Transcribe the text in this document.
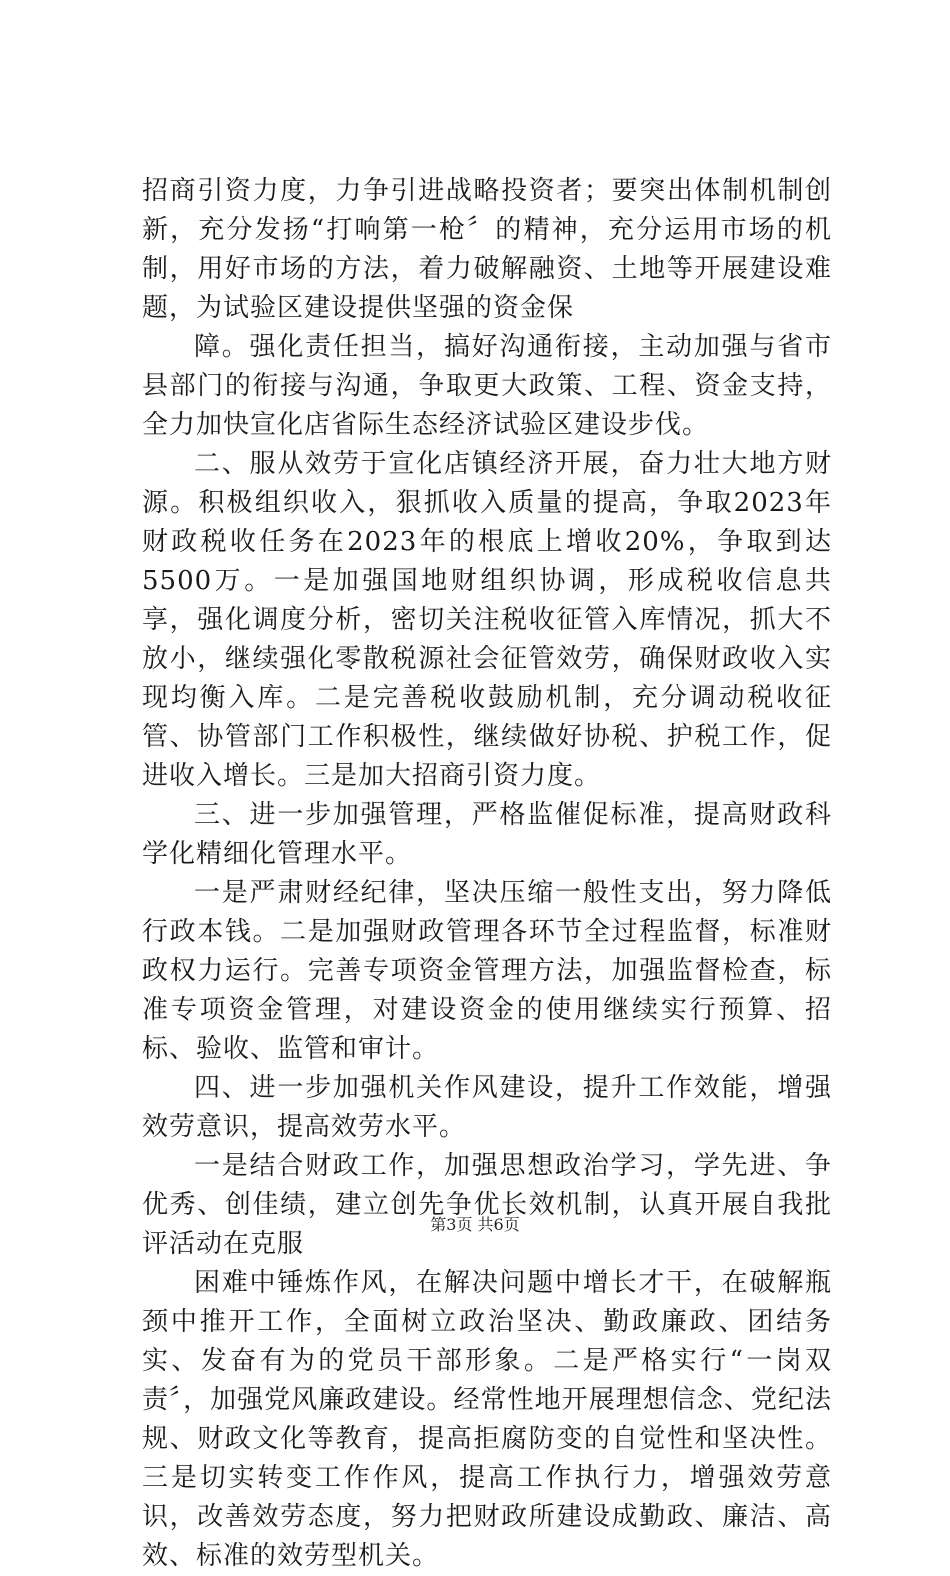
招商引资力度，力争引进战略投资者；要突出体制机制创新，充分发扬“打响第一枪〞的精神，充分运用市场的机制，用好市场的方法，着力破解融资、土地等开展建设难题，为试验区建设提供坚强的资金保

障。强化责任担当，搞好沟通衔接，主动加强与省市县部门的衔接与沟通，争取更大政策、工程、资金支持，全力加快宣化店省际生态经济试验区建设步伐。

二、服从效劳于宣化店镇经济开展，奋力壮大地方财源。积极组织收入，狠抓收入质量的提高，争取2023年财政税收任务在2023年的根底上增收20%，争取到达5500万。一是加强国地财组织协调，形成税收信息共享，强化调度分析，密切关注税收征管入库情况，抓大不放小，继续强化零散税源社会征管效劳，确保财政收入实现均衡入库。二是完善税收鼓励机制，充分调动税收征管、协管部门工作积极性，继续做好协税、护税工作，促进收入增长。三是加大招商引资力度。

三、进一步加强管理，严格监催促标准，提高财政科学化精细化管理水平。

一是严肃财经纪律，坚决压缩一般性支出，努力降低行政本钱。二是加强财政管理各环节全过程监督，标准财政权力运行。完善专项资金管理方法，加强监督检查，标准专项资金管理，对建设资金的使用继续实行预算、招标、验收、监管和审计。

四、进一步加强机关作风建设，提升工作效能，增强效劳意识，提高效劳水平。

一是结合财政工作，加强思想政治学习，学先进、争优秀、创佳绩，建立创先争优长效机制，认真开展自我批评活动在克服

困难中锤炼作风，在解决问题中增长才干，在破解瓶颈中推开工作，全面树立政治坚决、勤政廉政、团结务实、发奋有为的党员干部形象。二是严格实行“一岗双责〞，加强党风廉政建设。经常性地开展理想信念、党纪法规、财政文化等教育，提高拒腐防变的自觉性和坚决性。三是切实转变工作作风，提高工作执行力，增强效劳意识，改善效劳态度，努力把财政所建设成勤政、廉洁、高效、标准的效劳型机关。

第3页 共6页
